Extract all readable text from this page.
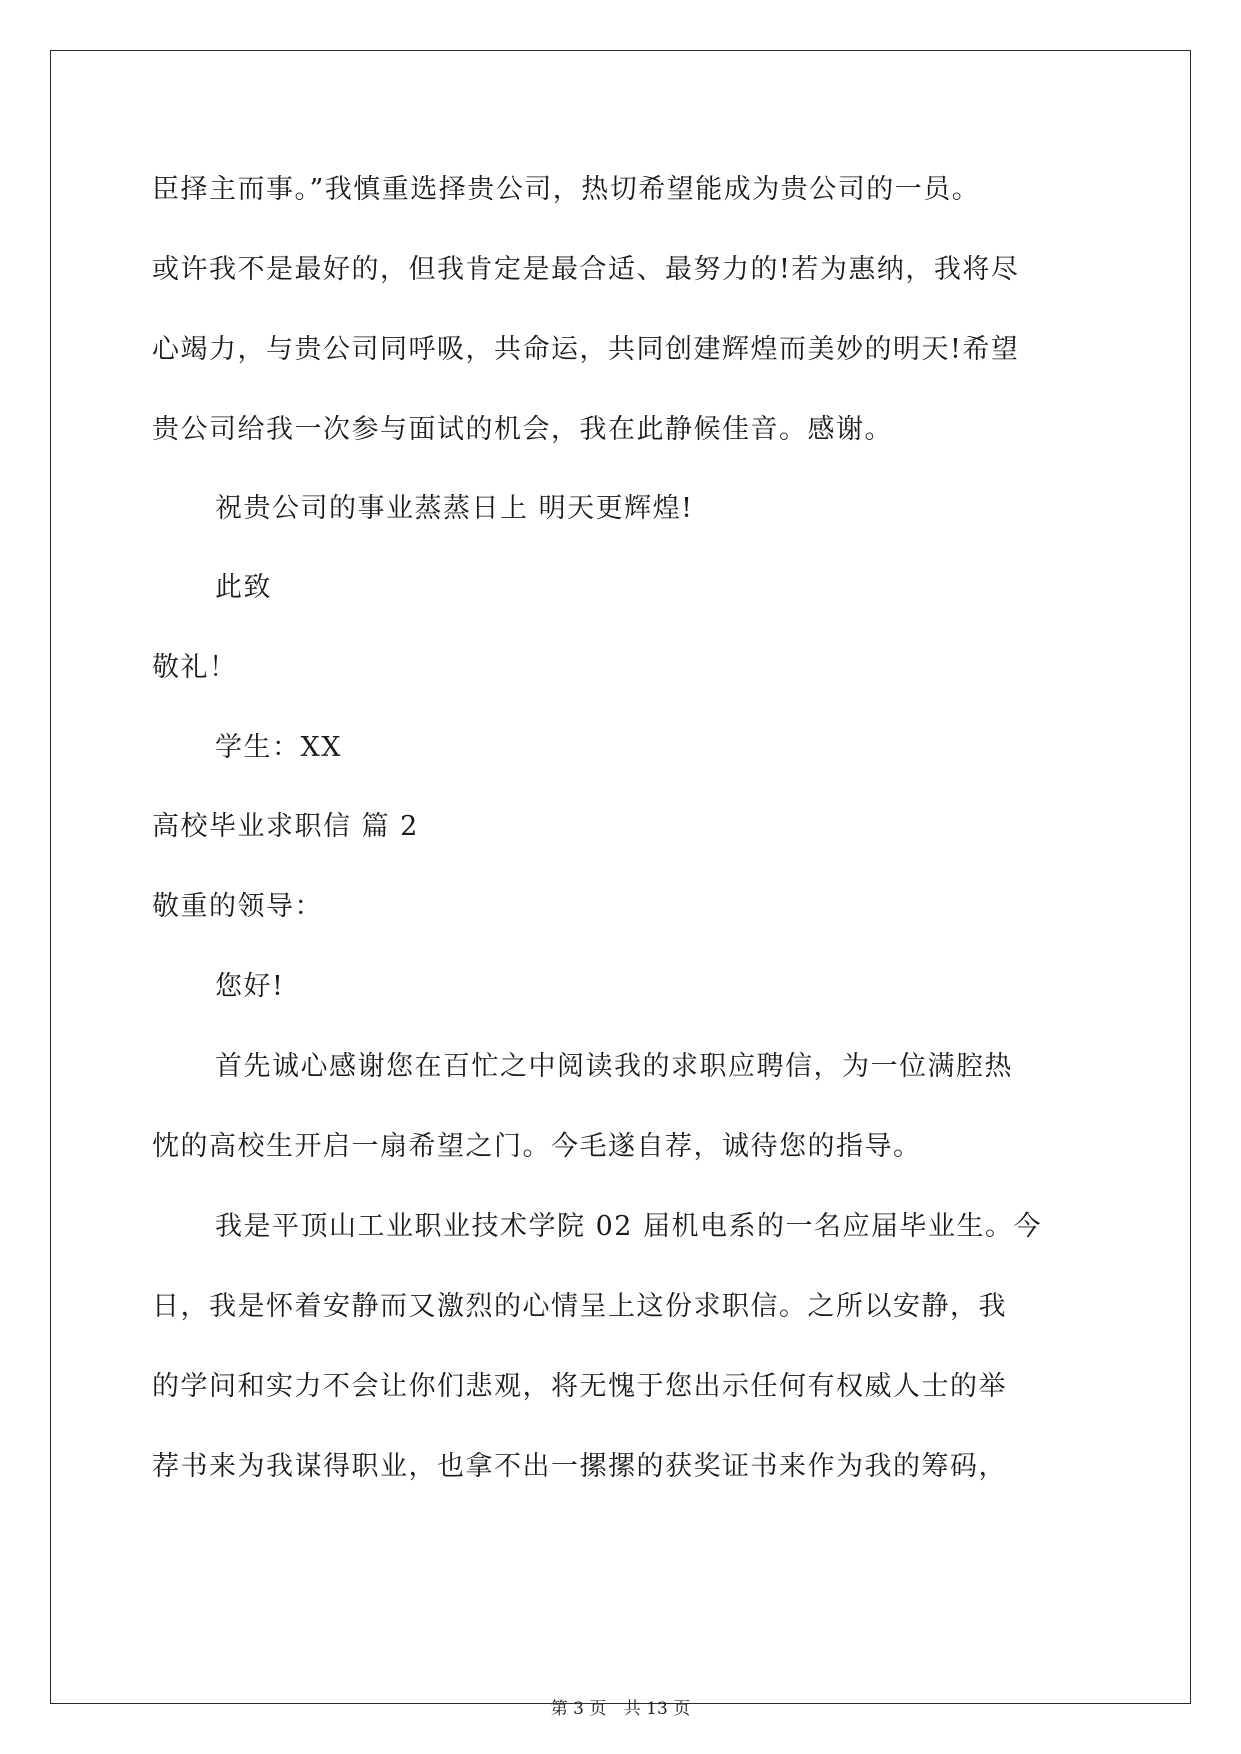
臣择主而事。”我慎重选择贵公司，热切希望能成为贵公司的一员。
或许我不是最好的，但我肯定是最合适、最努力的!若为惠纳，我将尽
心竭力，与贵公司同呼吸，共命运，共同创建辉煌而美妙的明天!希望
贵公司给我一次参与面试的机会，我在此静候佳音。感谢。
祝贵公司的事业蒸蒸日上 明天更辉煌!
此致
敬礼！
学生：XX
高校毕业求职信 篇 2
敬重的领导：
您好!
首先诚心感谢您在百忙之中阅读我的求职应聘信，为一位满腔热
忱的高校生开启一扇希望之门。今毛遂自荐，诚待您的指导。
我是平顶山工业职业技术学院 02 届机电系的一名应届毕业生。今
日，我是怀着安静而又激烈的心情呈上这份求职信。之所以安静，我
的学问和实力不会让你们悲观，将无愧于您出示任何有权威人士的举
荐书来为我谋得职业，也拿不出一摞摞的获奖证书来作为我的筹码，
第 3 页 共 13 页
